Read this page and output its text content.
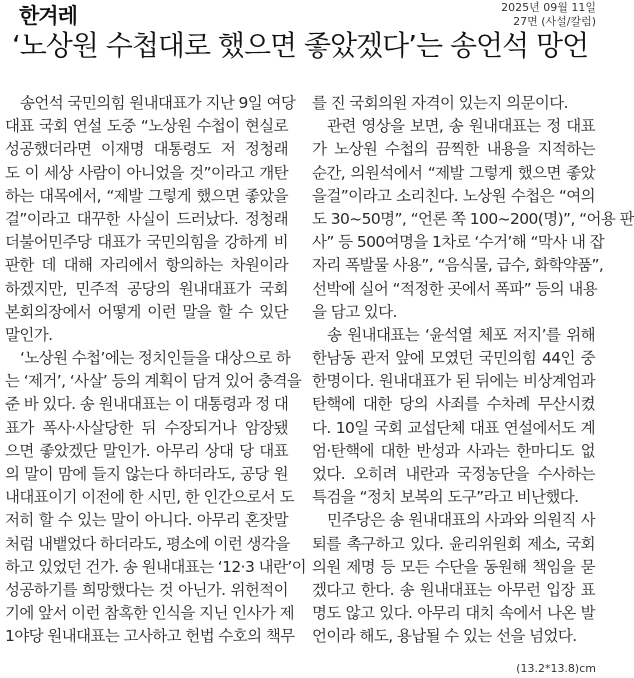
한겨레	2025년 09월 11일
27면 (사설/칼럼)
‘노상원 수첩대로 했으면 좋았겠다’는 송언석 망언
송언석 국민의힘 원내대표가 지난 9일 여당
대표 국회 연설 도중 “노상원 수첩이 현실로
성공했더라면 이재명 대통령도 저 정청래
도 이 세상 사람이 아니었을 것”이라고 개탄
하는 대목에서, “제발 그렇게 했으면 좋았을
걸”이라고 대꾸한 사실이 드러났다. 정청래
더불어민주당 대표가 국민의힘을 강하게 비
판한 데 대해 자리에서 항의하는 차원이라
하겠지만, 민주적 공당의 원내대표가 국회
본회의장에서 어떻게 이런 말을 할 수 있단
말인가.
‘노상원 수첩’에는 정치인들을 대상으로 하
는 ‘제거’, ‘사살’ 등의 계획이 담겨 있어 충격을
준 바 있다. 송 원내대표는 이 대통령과 정 대
표가 폭사·사살당한 뒤 수장되거나 암장됐
으면 좋았겠단 말인가. 아무리 상대 당 대표
의 말이 맘에 들지 않는다 하더라도, 공당 원
내대표이기 이전에 한 시민, 한 인간으로서 도
저히 할 수 있는 말이 아니다. 아무리 혼잣말
처럼 내뱉었다 하더라도, 평소에 이런 생각을
하고 있었던 건가. 송 원내대표는 ‘12·3 내란’이
성공하기를 희망했다는 것 아닌가. 위헌적이
기에 앞서 이런 참혹한 인식을 지닌 인사가 제
1야당 원내대표는 고사하고 헌법 수호의 책무
를 진 국회의원 자격이 있는지 의문이다.
관련 영상을 보면, 송 원내대표는 정 대표
가 노상원 수첩의 끔찍한 내용을 지적하는
순간, 의원석에서 “제발 그렇게 했으면 좋았
을걸”이라고 소리친다. 노상원 수첩은 “여의
도 30~50명”, “언론 쪽 100~200(명)”, “어용 판
사” 등 500여명을 1차로 ‘수거’해 “막사 내 잡
자리 폭발물 사용”, “음식물, 급수, 화학약품”,
선박에 실어 “적정한 곳에서 폭파” 등의 내용
을 담고 있다.
송 원내대표는 ‘윤석열 체포 저지’를 위해
한남동 관저 앞에 모였던 국민의힘 44인 중
한명이다. 원내대표가 된 뒤에는 비상계엄과
탄핵에 대한 당의 사죄를 수차례 무산시켰
다. 10일 국회 교섭단체 대표 연설에서도 계
엄·탄핵에 대한 반성과 사과는 한마디도 없
었다. 오히려 내란과 국정농단을 수사하는
특검을 “정치 보복의 도구”라고 비난했다.
민주당은 송 원내대표의 사과와 의원직 사
퇴를 촉구하고 있다. 윤리위원회 제소, 국회
의원 제명 등 모든 수단을 동원해 책임을 묻
겠다고 한다. 송 원내대표는 아무런 입장 표
명도 않고 있다. 아무리 대치 속에서 나온 발
언이라 해도, 용납될 수 있는 선을 넘었다.
(13.2*13.8)cm
